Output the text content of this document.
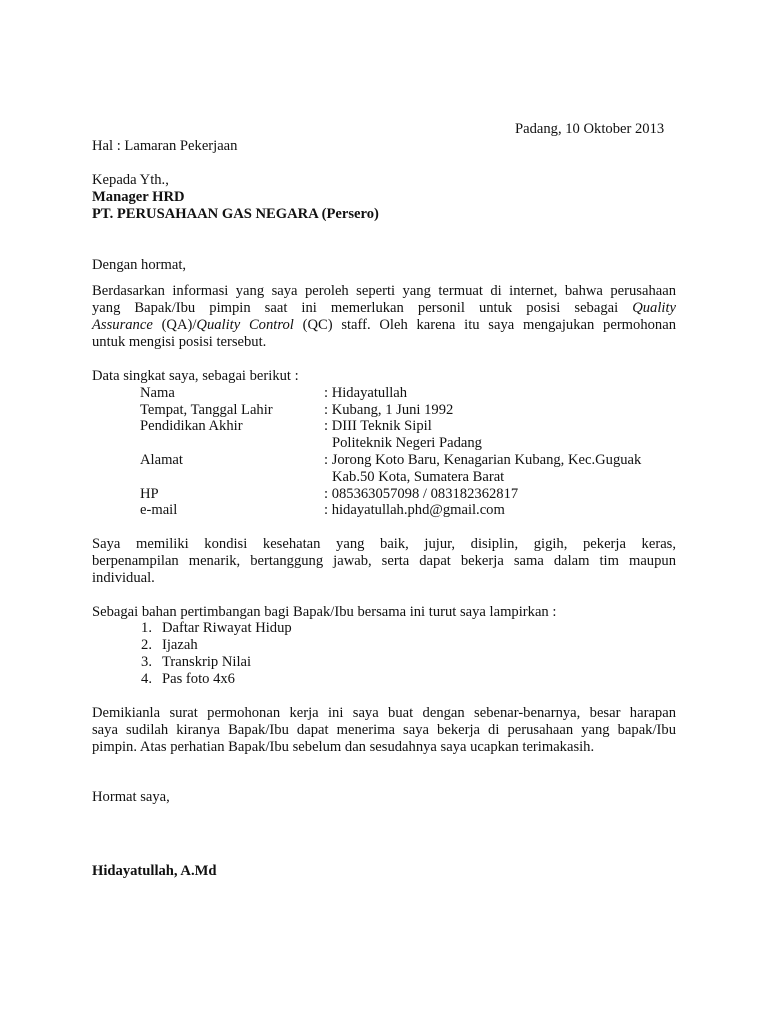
Padang, 10 Oktober 2013
Hal : Lamaran Pekerjaan
Kepada Yth.,
Manager HRD
PT. PERUSAHAAN GAS NEGARA (Persero)
Dengan hormat,
Berdasarkan informasi yang saya peroleh seperti yang termuat di internet, bahwa perusahaan
yang Bapak/Ibu pimpin saat ini memerlukan personil untuk posisi sebagai Quality
Assurance (QA)/Quality Control (QC) staff. Oleh karena itu saya mengajukan permohonan
untuk mengisi posisi tersebut.
Data singkat saya, sebagai berikut :
Nama	: Hidayatullah
Tempat, Tanggal Lahir	: Kubang, 1 Juni 1992
Pendidikan Akhir	: DIII Teknik Sipil
Politeknik Negeri Padang
Alamat	: Jorong Koto Baru, Kenagarian Kubang, Kec.Guguak
Kab.50 Kota, Sumatera Barat
HP	: 085363057098 / 083182362817
e-mail	: hidayatullah.phd@gmail.com
Saya memiliki kondisi kesehatan yang baik, jujur, disiplin, gigih, pekerja keras,
berpenampilan menarik, bertanggung jawab, serta dapat bekerja sama dalam tim maupun
individual.
Sebagai bahan pertimbangan bagi Bapak/Ibu bersama ini turut saya lampirkan :
1. Daftar Riwayat Hidup
2. Ijazah
3. Transkrip Nilai
4. Pas foto 4x6
Demikianla surat permohonan kerja ini saya buat dengan sebenar-benarnya, besar harapan
saya sudilah kiranya Bapak/Ibu dapat menerima saya bekerja di perusahaan yang bapak/Ibu
pimpin. Atas perhatian Bapak/Ibu sebelum dan sesudahnya saya ucapkan terimakasih.
Hormat saya,
Hidayatullah, A.Md
